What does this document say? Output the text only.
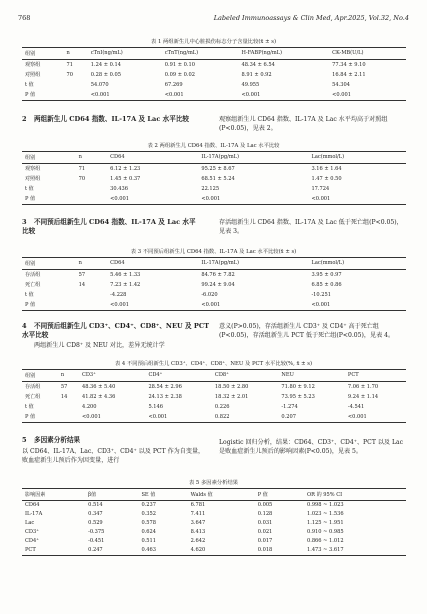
768	Labeled Immunoassays & Clin Med, Apr.2025, Vol.32, No.4
表 1 两组新生儿中心脏损伤标志分子含量比较(x̄ ± s)
组别	n	cTnI(ng/mL)	cTnT(ng/mL)	H-FABP(ng/mL)	CK-MB(U/L)
观察组	71	1.24 ± 0.14	0.91 ± 0.10	48.34 ± 6.54	77.34 ± 9.10
对照组	70	0.28 ± 0.05	0.09 ± 0.02	8.91 ± 0.92	16.84 ± 2.11
t 值		54.070	67.269	49.955	54.304
P 值		<0.001	<0.001	<0.001	<0.001
2 两组新生儿 CD64 指数、IL-17A 及 Lac 水平比较	观察组新生儿 CD64 指数、IL-17A 及 Lac 水平均高于对照组(P<0.05)，见表 2。
表 2 两组新生儿 CD64 指数、IL-17A 及 Lac 水平比较
组别	n	CD64	IL-17A(pg/mL)	Lac(mmol/L)
观察组	71	6.12 ± 1.23	95.25 ± 8.67	3.16 ± 1.64
对照组	70	1.45 ± 0.37	68.51 ± 5.24	1.47 ± 0.50
t 值		30.436	22.125	17.724
P 值		<0.001	<0.001	<0.001
3 不同预后组新生儿 CD64 指数、IL-17A 及 Lac 水平比较
存活组新生儿 CD64 指数、IL-17A 及 Lac 低于死亡组(P<0.05)，见表 3。
表 3 不同预后组新生儿 CD64 指数、IL-17A 及 Lac 水平比较(x̄ ± s)
组别	n	CD64	IL-17A(pg/mL)	Lac(mmol/L)
存活组	57	5.46 ± 1.33	84.76 ± 7.82	3.95 ± 0.97
死亡组	14	7.23 ± 1.42	99.24 ± 9.04	6.85 ± 0.86
t 值		-4.228	-6.020	-10.251
P 值		<0.001	<0.001	<0.001
4 不同预后组新生儿 CD3⁺、CD4⁺、CD8⁺、NEU 及 PCT 水平比较
两组新生儿 CD8⁺ 及 NEU 对比，差异无统计学
意义(P>0.05)，存活组新生儿 CD3⁺ 及 CD4⁺ 高于死亡组(P<0.05)，存活组新生儿 PCT 低于死亡组(P<0.05)，见表 4。
表 4 不同预后组新生儿 CD3⁺、CD4⁺、CD8⁺、NEU 及 PCT 水平比较(%, x̄ ± s)
组别	n	CD3⁺	CD4⁺	CD8⁺	NEU	PCT
存活组	57	48.36 ± 5.40	28.54 ± 2.96	18.50 ± 2.80	71.80 ± 9.12	7.06 ± 1.70
死亡组	14	41.82 ± 4.36	24.13 ± 2.38	18.32 ± 2.01	73.95 ± 5.23	9.24 ± 1.14
t 值		4.200	5.146	0.226	-1.274	-4.541
P 值		<0.001	<0.001	0.822	0.207	<0.001
5 多因素分析结果
以 CD64、IL-17A、Lac、CD3⁺、CD4⁺ 以及 PCT 作为自变量，败血症新生儿预后作为因变量，进行
Logistic 回归分析，结果：CD64、CD3⁺、CD4⁺、PCT 以及 Lac 是败血症新生儿预后的影响因素(P<0.05)，见表 5。
表 5 多因素分析结果
影响因素	β值	SE 值	Walds 值	P 值	OR 的 95% CI
CD64	0.514	0.237	6.781	0.005	0.998 ~ 1.023
IL-17A	0.347	0.352	7.411	0.128	1.023 ~ 1.536
Lac	0.529	0.578	3.647	0.031	1.125 ~ 1.951
CD3⁺	-0.375	0.624	8.413	0.021	0.910 ~ 0.985
CD4⁺	-0.451	0.511	2.642	0.017	0.866 ~ 1.012
PCT	0.247	0.463	4.620	0.018	1.473 ~ 3.617
